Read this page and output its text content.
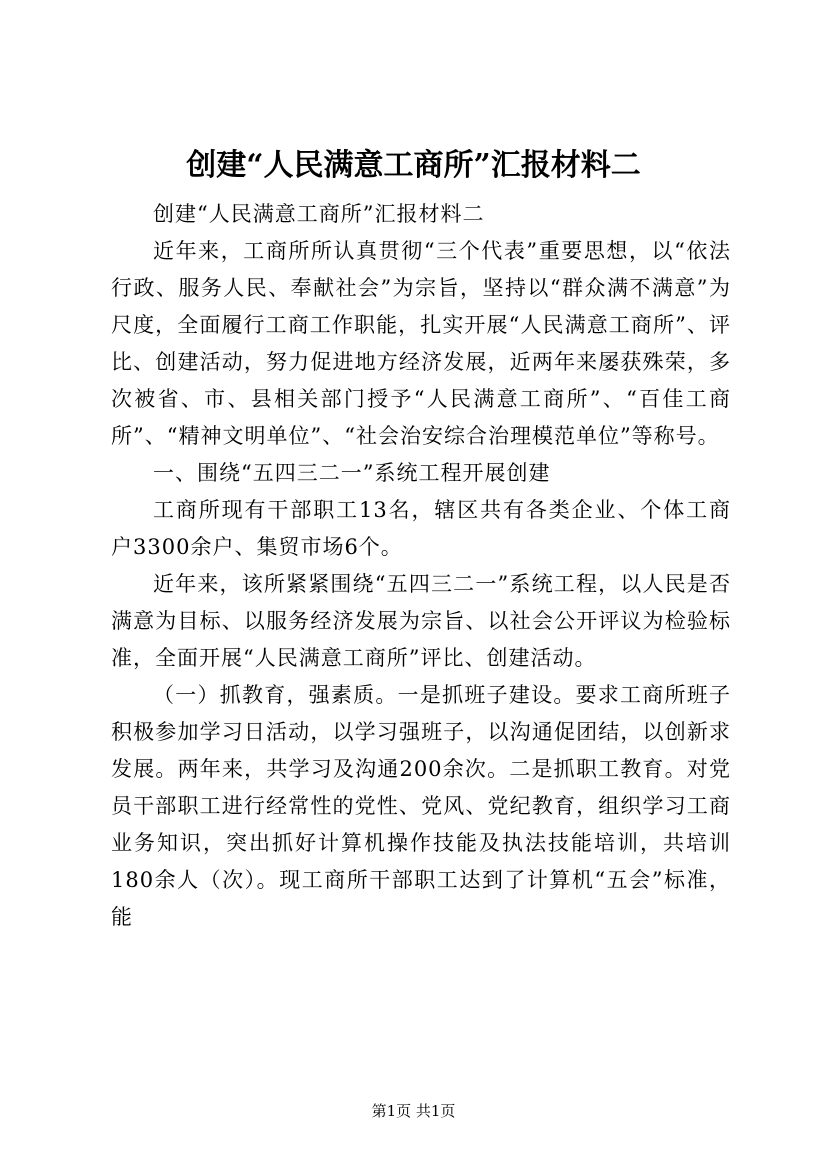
创建“人民满意工商所”汇报材料二

创建“人民满意工商所”汇报材料二

近年来，工商所所认真贯彻“三个代表”重要思想，以“依法行政、服务人民、奉献社会”为宗旨，坚持以“群众满不满意”为尺度，全面履行工商工作职能，扎实开展“人民满意工商所”、评比、创建活动，努力促进地方经济发展，近两年来屡获殊荣，多次被省、市、县相关部门授予“人民满意工商所”、“百佳工商所”、“精神文明单位”、“社会治安综合治理模范单位”等称号。

一、围绕“五四三二一”系统工程开展创建

工商所现有干部职工13名，辖区共有各类企业、个体工商户3300余户、集贸市场6个。

近年来，该所紧紧围绕“五四三二一”系统工程，以人民是否满意为目标、以服务经济发展为宗旨、以社会公开评议为检验标准，全面开展“人民满意工商所”评比、创建活动。

（一）抓教育，强素质。一是抓班子建设。要求工商所班子积极参加学习日活动，以学习强班子，以沟通促团结，以创新求发展。两年来，共学习及沟通200余次。二是抓职工教育。对党员干部职工进行经常性的党性、党风、党纪教育，组织学习工商业务知识，突出抓好计算机操作技能及执法技能培训，共培训180余人（次）。现工商所干部职工达到了计算机“五会”标准，能

第1页 共1页
